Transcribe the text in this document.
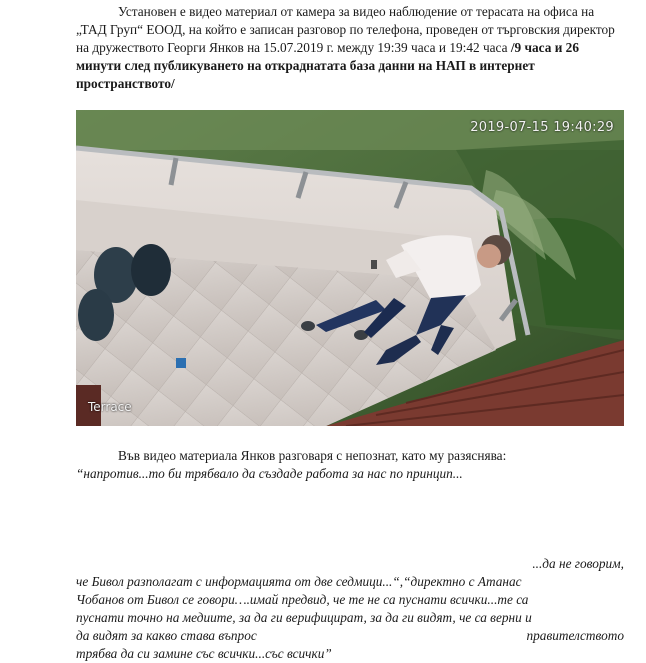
Установен е видео материал от камера за видео наблюдение от терасата на офиса на
„ТАД Груп“ ЕООД, на който е записан разговор по телефона, проведен от търговския директор
на дружеството Георги Янков на 15.07.2019 г. между 19:39 часа и 19:42 часа /9 часа и 26
минути след публикуването на откраднатата база данни на НАП в интернет
пространството/
2019-07-15 19:40:29
Terrace
Във видео материала Янков разговаря с непознат, като му разяснява:
“напротив...то би трябвало да създаде работа за нас по принцип...
...да не говорим,
че Бивол разполагат с информацията от две седмици...“,“директно с Атанас
Чобанов от Бивол се говори….имай предвид, че те не са пуснати всички...те са
пуснати точно на медиите, за да ги верифицират, за да ги видят, че са верни и
да видят за какво става въпрос	правителството
трябва да си замине със всички...със всички”
